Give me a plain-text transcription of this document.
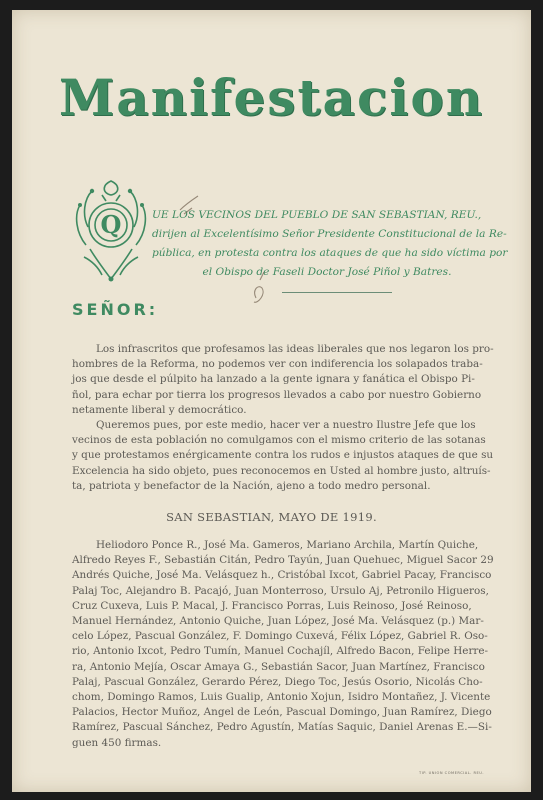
Manifestacion
Q	UE LOS VECINOS DEL PUEBLO DE SAN SEBASTIAN, REU.,
dirijen al Excelentísimo Señor Presidente Constitucional de la Re-
pública, en protesta contra los ataques de que ha sido víctima por
el Obispo de Faseli Doctor José Piñol y Batres.
SEÑOR:
Los infrascritos que profesamos las ideas liberales que nos legaron los pro-
hombres de la Reforma, no podemos ver con indiferencia los solapados traba-
jos que desde el púlpito ha lanzado a la gente ignara y fanática el Obispo Pi-
ñol, para echar por tierra los progresos llevados a cabo por nuestro Gobierno
netamente liberal y democrático.
Queremos pues, por este medio, hacer ver a nuestro Ilustre Jefe que los
vecinos de esta población no comulgamos con el mismo criterio de las sotanas
y que protestamos enérgicamente contra los rudos e injustos ataques de que su
Excelencia ha sido objeto, pues reconocemos en Usted al hombre justo, altruís-
ta, patriota y benefactor de la Nación, ajeno a todo medro personal.
SAN SEBASTIAN, MAYO DE 1919.
Heliodoro Ponce R., José Ma. Gameros, Mariano Archila, Martín Quiche,
Alfredo Reyes F., Sebastián Citán, Pedro Tayún, Juan Quehuec, Miguel Sacor 29
Andrés Quiche, José Ma. Velásquez h., Cristóbal Ixcot, Gabriel Pacay, Francisco
Palaj Toc, Alejandro B. Pacajó, Juan Monterroso, Ursulo Aj, Petronilo Higueros,
Cruz Cuxeva, Luis P. Macal, J. Francisco Porras, Luis Reinoso, José Reinoso,
Manuel Hernández, Antonio Quiche, Juan López, José Ma. Velásquez (p.) Mar-
celo López, Pascual González, F. Domingo Cuxevá, Félix López, Gabriel R. Oso-
rio, Antonio Ixcot, Pedro Tumín, Manuel Cochajíl, Alfredo Bacon, Felipe Herre-
ra, Antonio Mejía, Oscar Amaya G., Sebastián Sacor, Juan Martínez, Francisco
Palaj, Pascual González, Gerardo Pérez, Diego Toc, Jesús Osorio, Nicolás Cho-
chom, Domingo Ramos, Luis Gualip, Antonio Xojun, Isidro Montañez, J. Vicente
Palacios, Hector Muñoz, Angel de León, Pascual Domingo, Juan Ramírez, Diego
Ramírez, Pascual Sánchez, Pedro Agustín, Matías Saquic, Daniel Arenas E.—Si-
guen 450 firmas.
TIP. UNION COMERCIAL. REU.
